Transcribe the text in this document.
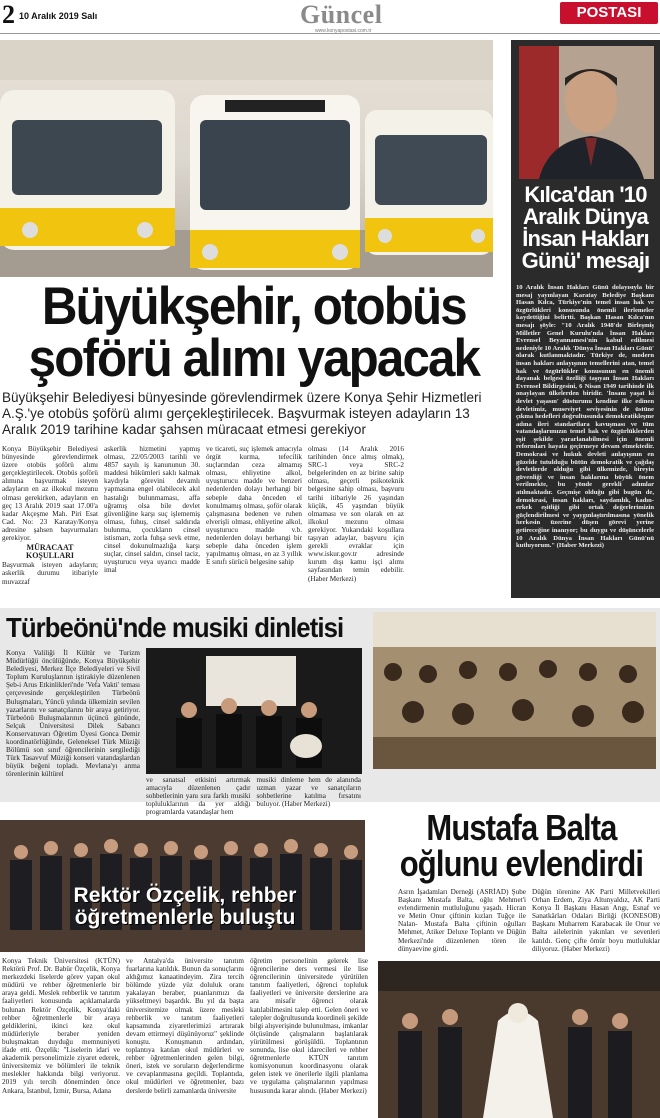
2 10 Aralık 2019 Salı	Güncel	POSTASI
www.konyapostasi.com.tr
Büyükşehir, otobüs şoförü alımı yapacak
Büyükşehir Belediyesi bünyesinde görevlendirmek üzere Konya Şehir Hizmetleri A.Ş.'ye otobüs şoförü alımı gerçekleştirilecek. Başvurmak isteyen adayların 13 Aralık 2019 tarihine kadar şahsen müracaat etmesi gerekiyor

Konya Büyükşehir Belediyesi bünyesinde görevlendirmek üzere otobüs şoförü alımı gerçekleştirilecek. Otobüs şoförü alımına başvurmak isteyen adayların en az ilkokul mezunu olması gerekirken, adayların en geç 13 Aralık 2019 saat 17.00'a kadar Akçeşme Mah. Piri Esat Cad. No: 23 Karatay/Konya adresine şahsen başvurmaları gerekiyor.

MÜRACAAT KOŞULLARI

Başvurmak isteyen adayların; askerlik durumu itibariyle muvazzaf

askerlik hizmetini yapmış olması, 22/05/2003 tarihli ve 4857 sayılı iş kanununun 30. maddesi hükümleri saklı kalmak kaydıyla görevini devamlı yapmasına engel olabilecek akıl hastalığı bulunmaması, affa uğramış olsa bile devlet güvenliğine karşı suç işlememiş olması, fuhuş, cinsel saldırıda bulunma, çocukların cinsel istismarı, zorla fuhşa sevk etme, cinsel dokunulmazlığa karşı suçlar, cinsel saldırı, cinsel taciz, uyuşturucu veya uyarıcı madde imal
ve ticareti, suç işlemek amacıyla örgüt kurma, tefecilik suçlarından ceza almamış olması, ehliyetine alkol, uyuşturucu madde ve benzeri nedenlerden dolayı herhangi bir sebeple daha önceden el konulmamış olması, şoför olarak çalışmasına bedenen ve ruhen elverişli olması, ehliyetine alkol, uyuşturucu madde v.b. nedenlerden dolayı herhangi bir sebeple daha önceden işlem yapılmamış olması, en az 3 yıllık E sınıfı sürücü belgesine sahip
olması (14 Aralık 2016 tarihinden önce almış olmak), SRC-1 veya SRC-2 belgelerinden en az birine sahip olması, geçerli psikoteknik belgesine sahip olması, başvuru tarihi itibariyle 26 yaşından küçük, 45 yaşından büyük olmaması ve son olarak en az ilkokul mezunu olması gerekiyor. Yukarıdaki koşullara taşıyan adaylar, başvuru için gerekli evraklar için www.iskur.gov.tr adresinde kurum dışı kamu işçi alımı sayfasından temin edebilir. (Haber Merkezi)
Kılca'dan '10 Aralık Dünya İnsan Hakları Günü' mesajı
10 Aralık İnsan Hakları Günü dolayısıyla bir mesaj yayınlayan Karatay Belediye Başkanı Hasan Kılca, Türkiye'nin temel insan hak ve özgürlükleri konusunda önemli ilerlemeler kaydettiğini belirtti. Başkan Hasan Kılca'nın mesajı şöyle: "10 Aralık 1948'de Birleşmiş Milletler Genel Kurulu'nda İnsan Hakları Evrensel Beyannamesi'nin kabul edilmesi nedeniyle 10 Aralık 'Dünya İnsan Hakları Günü' olarak kutlanmaktadır. Türkiye de, modern insan hakları anlayışının temellerini atan, temel hak ve özgürlükler konusunun en önemli dayanak belgesi özelliği taşıyan İnsan Hakları Evrensel Bildirgesini, 6 Nisan 1949 tarihinde ilk onaylayan ülkelerden biridir. 'İnsanı yaşat ki devlet yaşasın' düsturunu kendine ilke edinen devletimiz, museviyet seviyesinin de üstüne çıkma hedefleri doğrultusunda demokratikleşme adına ileri standartlara kavuşması ve tüm vatandaşlarımızın temel hak ve özgürlüklerden eşit şekilde yararlanabilmesi için önemli reformları hayata geçirmeye devam etmektedir. Demokrasi ve hukuk devleti anlayışının en güzelde tutulduğu bütün demokratik ve çağdaş devletlerde olduğu gibi ülkemizde, bireyin güvenliği ve insan haklarına büyük önem verilmekte, bu yönde gerekli adımlar atılmaktadır. Geçmişe olduğu gibi bugün de, demokrasi, insan hakları, saydamlık, kadın-erkek eşitliği gibi ortak değerlerimizin güçlendirilmesi ve yaygınlaştırılmasına yönelik herkesin üzerine düşen görevi yerine getireceğine inanıyor; bu duygu ve düşüncelerle 10 Aralık Dünya İnsan Hakları Günü'nü kutluyorum." (Haber Merkezi)
Türbeönü'nde musiki dinletisi
Konya Valiliği İl Kültür ve Turizm Müdürlüğü öncülüğünde, Konya Büyükşehir Belediyesi, Merkez İlçe Belediyeleri ve Sivil Toplum Kuruluşlarının iştirakiyle düzenlenen Şeb-i Arus Etkinlikleri'nde 'Vefa Vakti' teması çerçevesinde gerçekleştirilen Türbeönü Buluşmaları, Yüncü yılında ülkemizin sevilen yazarlarını ve sanatçılarını bir araya getiriyor. Türbeönü Buluşmalarının üçüncü gününde, Selçuk Üniversitesi Dilek Sabancı Konservatuvarı Öğretim Üyesi Gonca Demir koordinatörlüğünde, Geleneksel Türk Müziği Bölümü son sınıf öğrencilerinin sergilediği Türk Tasavvuf Müziği konseri vatandaşlardan büyük beğeni topladı. Mevlana'yı anma törenlerinin kültürel
ve sanatsal etkisini artırmak amacıyla düzenlenen çadır sohbetlerinin yanı sıra farklı musiki topluluklarının da yer aldığı programlarda vatandaşlar hem
musiki dinleme hem de alanında uzman yazar ve sanatçıların sohbetlerine katılma fırsatını buluyor. (Haber Merkezi)
Rektör Özçelik, rehber öğretmenlerle buluştu
Konya Teknik Üniversitesi (KTÜN) Rektörü Prof. Dr. Babür Özçelik, Konya merkezdeki liselerde görev yapan okul müdürü ve rehber öğretmenlerle bir araya geldi. Meslek rehberlik ve tanıtım faaliyetleri konusunda açıklamalarda bulunan Rektör Özçelik, Konya'daki rehber öğretmenlerle bir araya geldiklerini, ikinci kez okul müdürleriyle beraber yeniden buluşmaktan duyduğu memnuniyeti ifade etti. Özçelik: "Liselerin idari ve akademik personelimizle ziyaret ederek, üniversitemiz ve bölümleri ile teknik meslekler hakkında bilgi veriyoruz. 2019 yılı tercih döneminden önce Ankara, İstanbul, İzmir, Bursa, Adana
ve Antalya'da üniversite tanıtım fuarlarına katıldık. Bunun da sonuçlarını aldığımız kanaatindeyim. Zira tercih bölümde yüzde yüz doluluk oranı yakalayan beraber, puanlarımızı da yükseltmeyi başardık. Bu yıl da başta üniversitemize olmak üzere mesleki rehberlik ve tanıtım faaliyetleri kapsamında ziyaretlerimizi artırarak devam ettirmeyi düşünüyoruz" şeklinde konuştu. Konuşmanın ardından, toplantıya katılan okul müdürleri ve rehber öğretmenlerinden gelen bilgi, öneri, istek ve soruların değerlendirme ve cevaplanmasına geçildi. Toplantıda, okul müdürleri ve öğretmenler, bazı derslerde belirli zamanlarda üniversite
öğretim personelinin gelerek lise öğrencilerine ders vermesi ile lise öğrencilerinin üniversitede yürütülen tanıtım faaliyetleri, öğrenci topluluk faaliyetleri ve üniversite derslerine ara ara misafir öğrenci olarak katılabilmesini talep etti. Gelen öneri ve talepler doğrultusunda koordineli şekilde bilgi alışverişinde bulunulması, imkanlar ölçüsünde çalışmaların başlatılarak yürütülmesi görüşüldü. Toplantının sonunda, lise okul idarecileri ve rehber öğretmenlerle KTÜN tanıtım komisyonunun koordinasyonu olarak gelen istek ve önerilerle ilgili planlama ve uygulama çalışmalarının yapılması hususunda karar alındı. (Haber Merkezi)
Mustafa Balta oğlunu evlendirdi
Asrın İşadamları Derneği (ASRİAD) Şube Başkanı Mustafa Balta, oğlu Mehmet'i evlendirmenin mutluluğunu yaşadı. Hicran ve Metin Onur çiftinin kızları Tuğçe ile Nalan- Mustafa Balta çiftinin oğulları Mehmet, Atiker Deluxe Toplantı ve Düğün Merkezi'nde düzenlenen tören ile dünyaevine girdi.
Düğün törenine AK Parti Milletvekilleri Orhan Erdem, Ziya Altunyaldız, AK Parti Konya İl Başkanı Hasan Angı, Esnaf ve Sanatkârları Odaları Birliği (KONESOB) Başkanı Muharrem Karabacak ile Onur ve Balta ailelerinin yakınları ve sevenleri katıldı. Genç çifte ömür boyu mutluluklar diliyoruz. (Haber Merkezi)
